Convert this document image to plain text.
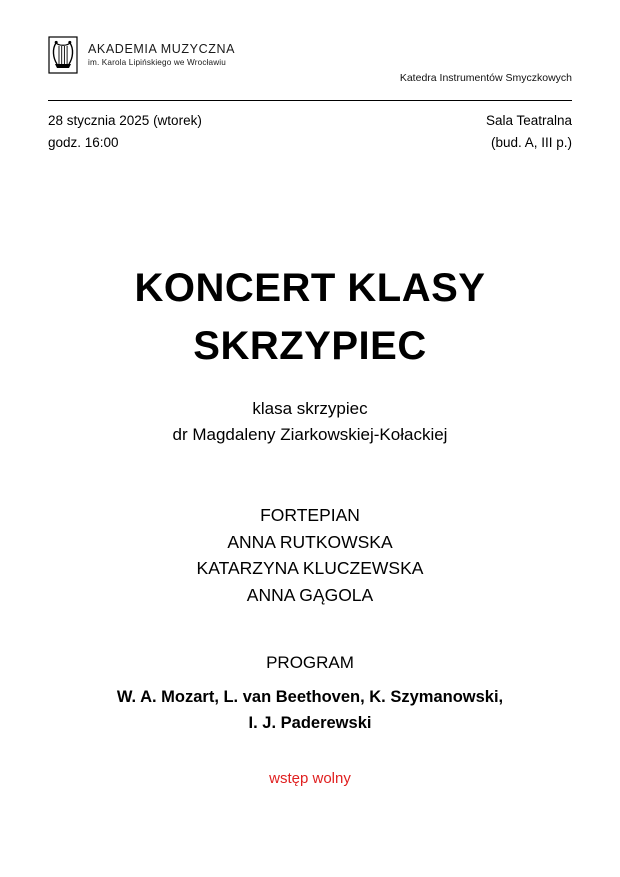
AKADEMIA MUZYCZNA
im. Karola Lipińskiego we Wrocławiu
Katedra Instrumentów Smyczkowych
28 stycznia 2025 (wtorek)
godz. 16:00
Sala Teatralna
(bud. A, III p.)
KONCERT KLASY
SKRZYPIEC
klasa skrzypiec
dr Magdaleny Ziarkowskiej-Kołackiej
FORTEPIAN
ANNA RUTKOWSKA
KATARZYNA KLUCZEWSKA
ANNA GĄGOLA
PROGRAM
W. A. Mozart, L. van Beethoven, K. Szymanowski,
I. J. Paderewski
wstęp wolny
